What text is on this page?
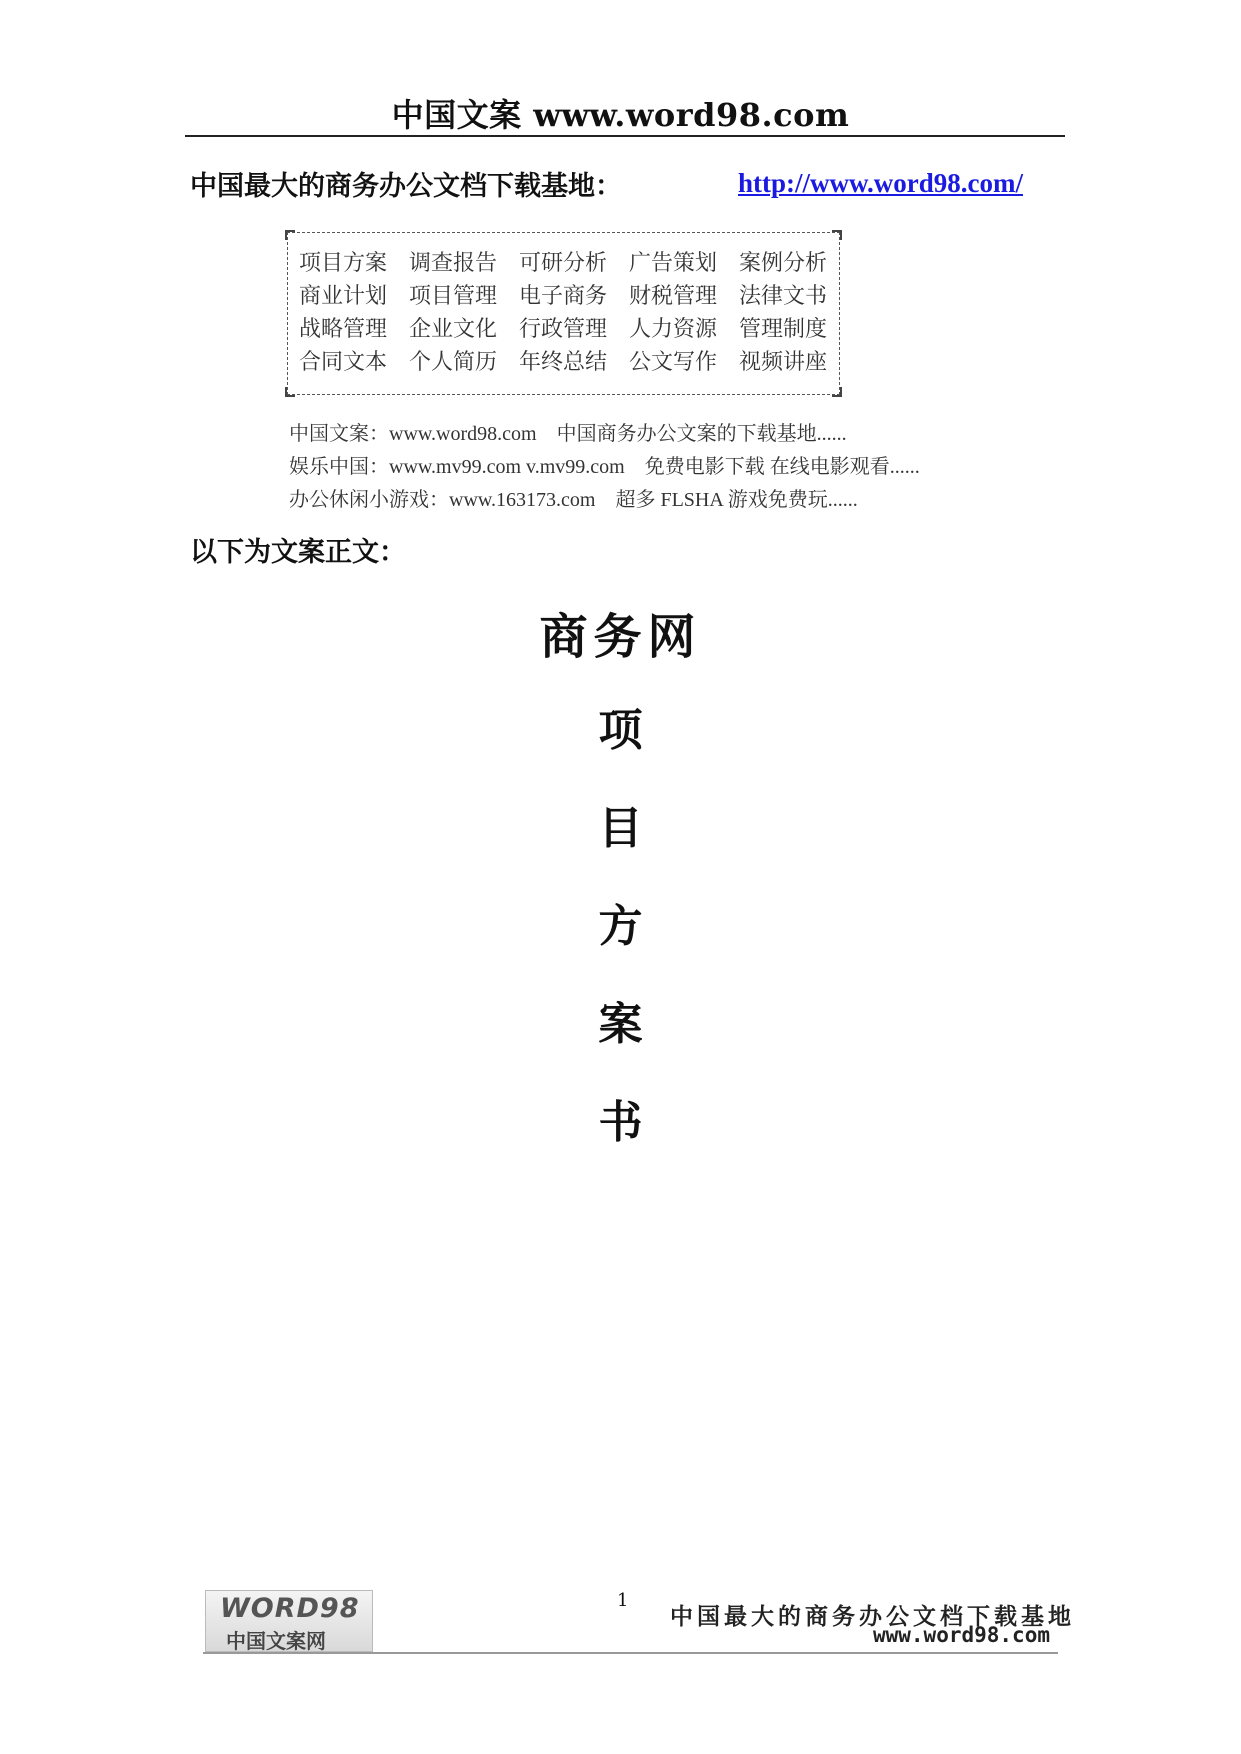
中国文案 www.word98.com
中国最大的商务办公文档下载基地：	http://www.word98.com/
项目方案 调查报告 可研分析 广告策划 案例分析
商业计划 项目管理 电子商务 财税管理 法律文书
战略管理 企业文化 行政管理 人力资源 管理制度
合同文本 个人简历 年终总结 公文写作 视频讲座
中国文案：www.word98.com　中国商务办公文案的下载基地......
娱乐中国：www.mv99.com v.mv99.com　免费电影下载 在线电影观看......
办公休闲小游戏：www.163173.com　超多 FLSHA 游戏免费玩......
以下为文案正文：
商务网
项
目
方
案
书
WORD98
中国文案网
1
中国最大的商务办公文档下载基地
www.word98.com
